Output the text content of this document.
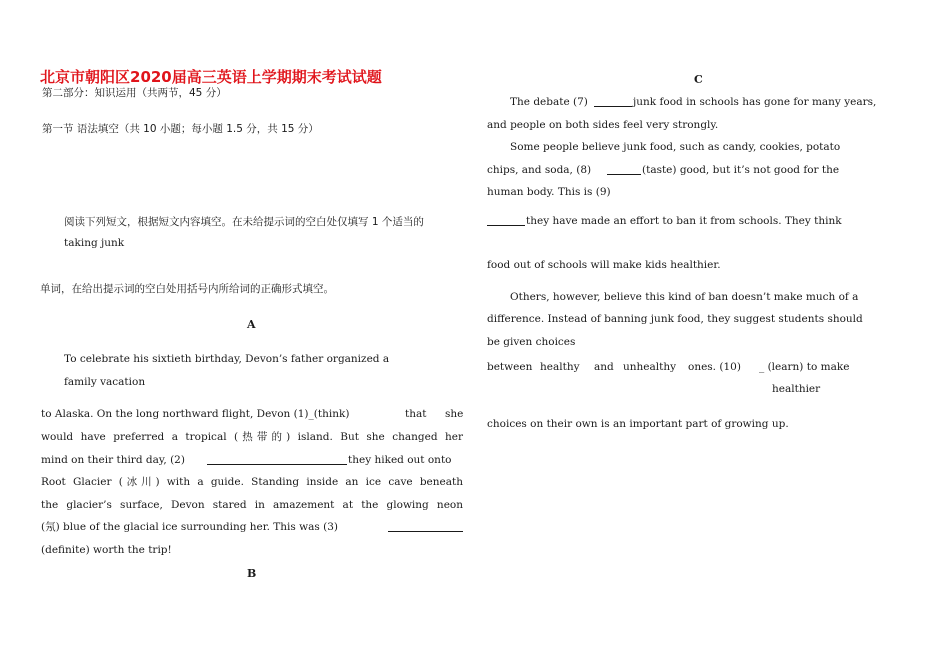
北京市朝阳区2020届高三英语上学期期末考试试题
第二部分：知识运用（共两节，45 分）
第一节 语法填空（共 10 小题；每小题 1.5 分，共 15 分）
阅读下列短文，根据短文内容填空。在未给提示词的空白处仅填写 1 个适当的
taking junk
单词，在给出提示词的空白处用括号内所给词的正确形式填空。
A
To celebrate his sixtieth birthday, Devon’s father organized a
family vacation
to Alaska. On the long northward flight, Devon (1)_(think)	that she
would have preferred a tropical (热带的) island. But she changed her
mind on their third day, (2)	they hiked out onto
Root Glacier (冰川) with a guide. Standing inside an ice cave beneath
the glacier’s surface, Devon stared in amazement at the glowing neon
(氖) blue of the glacial ice surrounding her. This was (3)
(definite) worth the trip!
B
C
The debate (7)	junk food in schools has gone for many years,
and people on both sides feel very strongly.
Some people believe junk food, such as candy, cookies, potato
chips, and soda, (8)	(taste) good, but it’s not good for the
human body. This is (9)
they have made an effort to ban it from schools. They think
food out of schools will make kids healthier.
Others, however, believe this kind of ban doesn’t make much of a
difference. Instead of banning junk food, they suggest students should
be given choices
between healthy and unhealthy ones. (10) _ (learn) to make
healthier
choices on their own is an important part of growing up.
